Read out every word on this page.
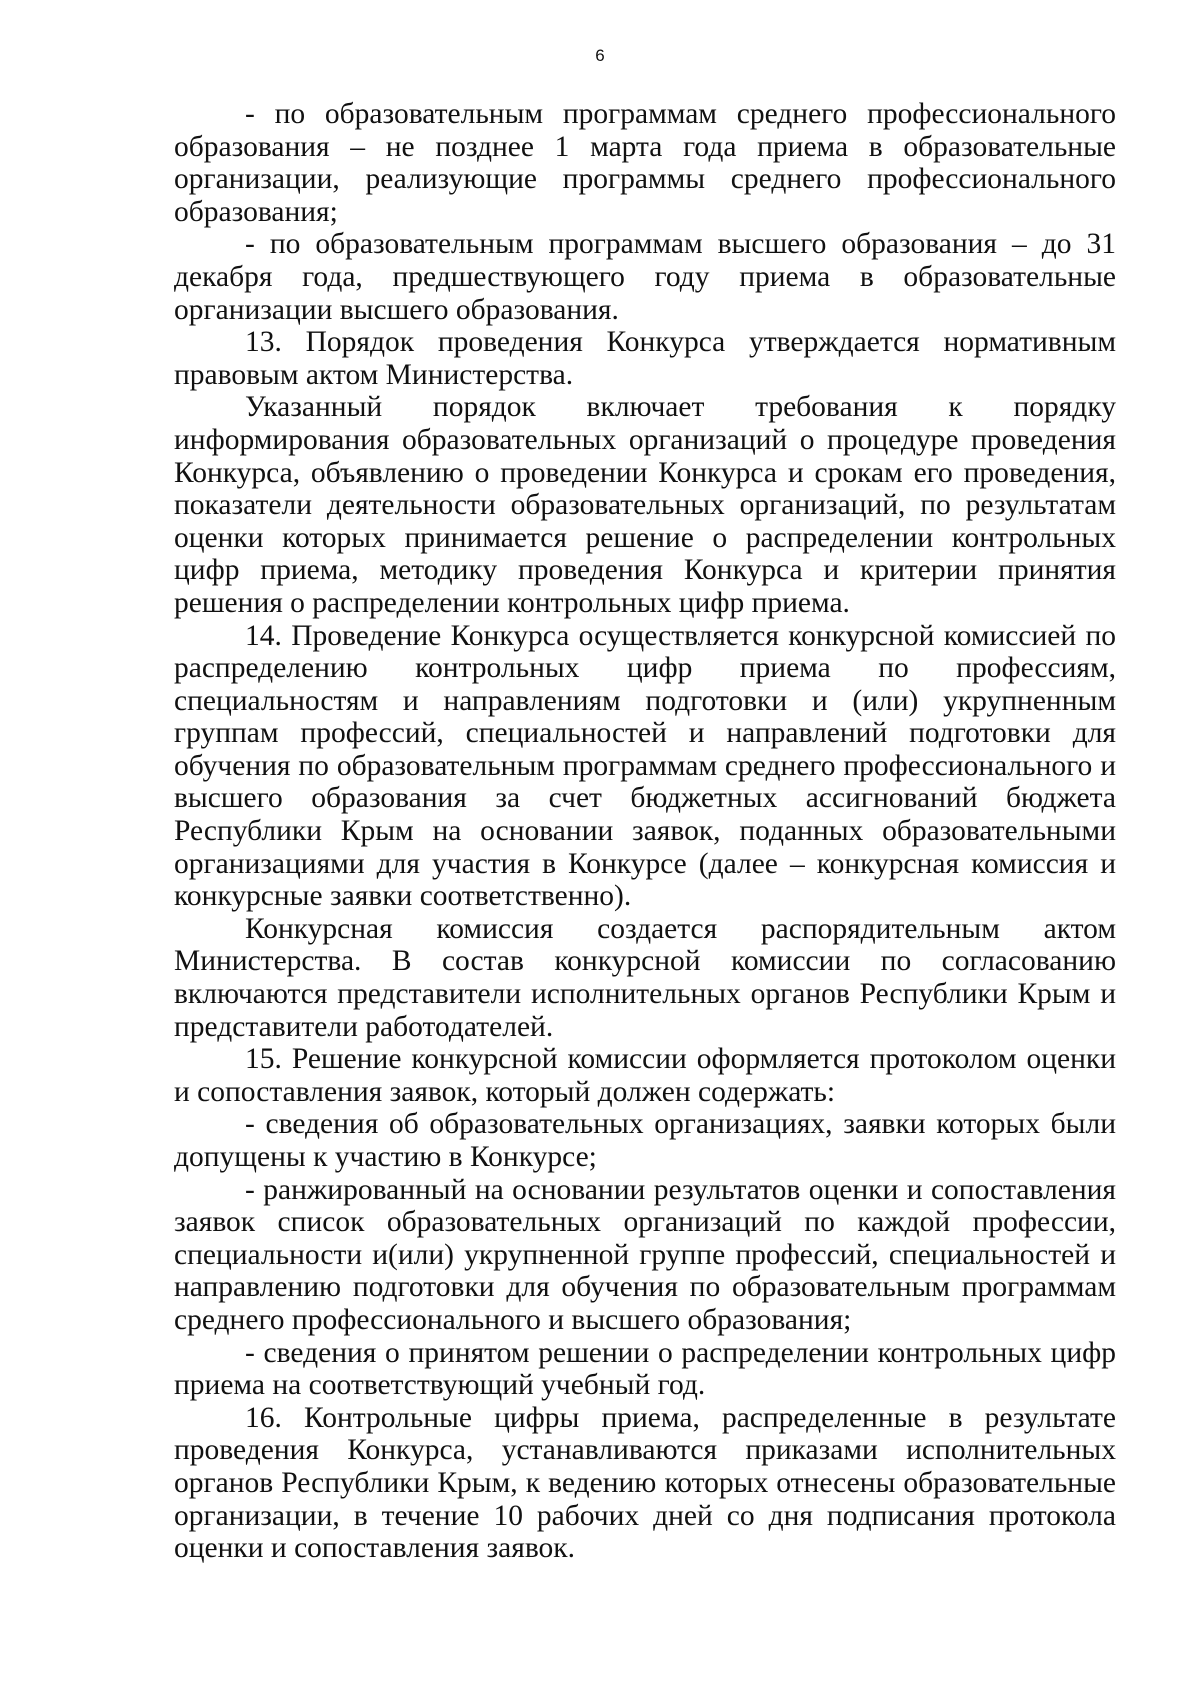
6

- по образовательным программам среднего профессионального образования – не позднее 1 марта года приема в образовательные организации, реализующие программы среднего профессионального образования;

- по образовательным программам высшего образования – до 31 декабря года, предшествующего году приема в образовательные организации высшего образования.

13. Порядок проведения Конкурса утверждается нормативным правовым актом Министерства.

Указанный порядок включает требования к порядку информирования образовательных организаций о процедуре проведения Конкурса, объявлению о проведении Конкурса и срокам его проведения, показатели деятельности образовательных организаций, по результатам оценки которых принимается решение о распределении контрольных цифр приема, методику проведения Конкурса и критерии принятия решения о распределении контрольных цифр приема.

14. Проведение Конкурса осуществляется конкурсной комиссией по распределению контрольных цифр приема по профессиям, специальностям и направлениям подготовки и (или) укрупненным группам профессий, специальностей и направлений подготовки для обучения по образовательным программам среднего профессионального и высшего образования за счет бюджетных ассигнований бюджета Республики Крым на основании заявок, поданных образовательными организациями для участия в Конкурсе (далее – конкурсная комиссия и конкурсные заявки соответственно).

Конкурсная комиссия создается распорядительным актом Министерства. В состав конкурсной комиссии по согласованию включаются представители исполнительных органов Республики Крым и представители работодателей.

15. Решение конкурсной комиссии оформляется протоколом оценки и сопоставления заявок, который должен содержать:

- сведения об образовательных организациях, заявки которых были допущены к участию в Конкурсе;

- ранжированный на основании результатов оценки и сопоставления заявок список образовательных организаций по каждой профессии, специальности и(или) укрупненной группе профессий, специальностей и направлению подготовки для обучения по образовательным программам среднего профессионального и высшего образования;

- сведения о принятом решении о распределении контрольных цифр приема на соответствующий учебный год.

16. Контрольные цифры приема, распределенные в результате проведения Конкурса, устанавливаются приказами исполнительных органов Республики Крым, к ведению которых отнесены образовательные организации, в течение 10 рабочих дней со дня подписания протокола оценки и сопоставления заявок.
